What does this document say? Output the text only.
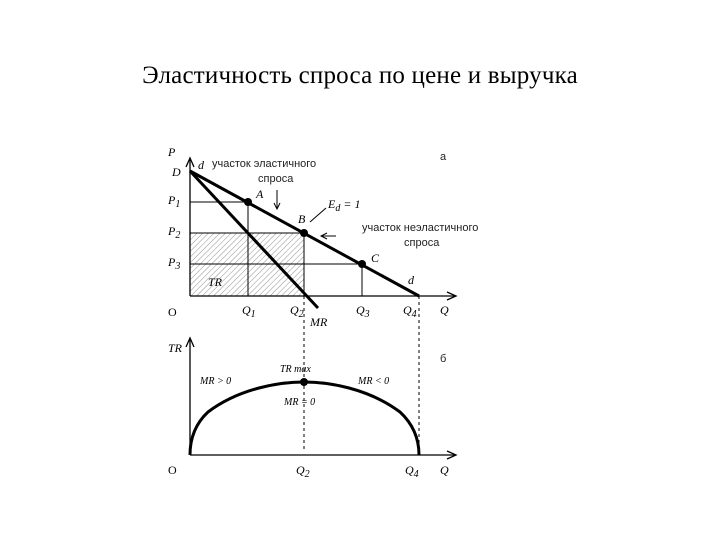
Эластичность спроса по цене и выручка
P
D d участок эластичного
спроса
a
$P_1$
$P_2$
$P_3$
A
B
C
$E_d = 1$
участок неэластичного
спроса
d
TR
O	$Q_1$	$Q_2$	$Q_3$	$Q_4$ Q
MR
TR
б
TR max
MR > 0	MR < 0
MR = 0
O	$Q_2$	$Q_4$ Q
